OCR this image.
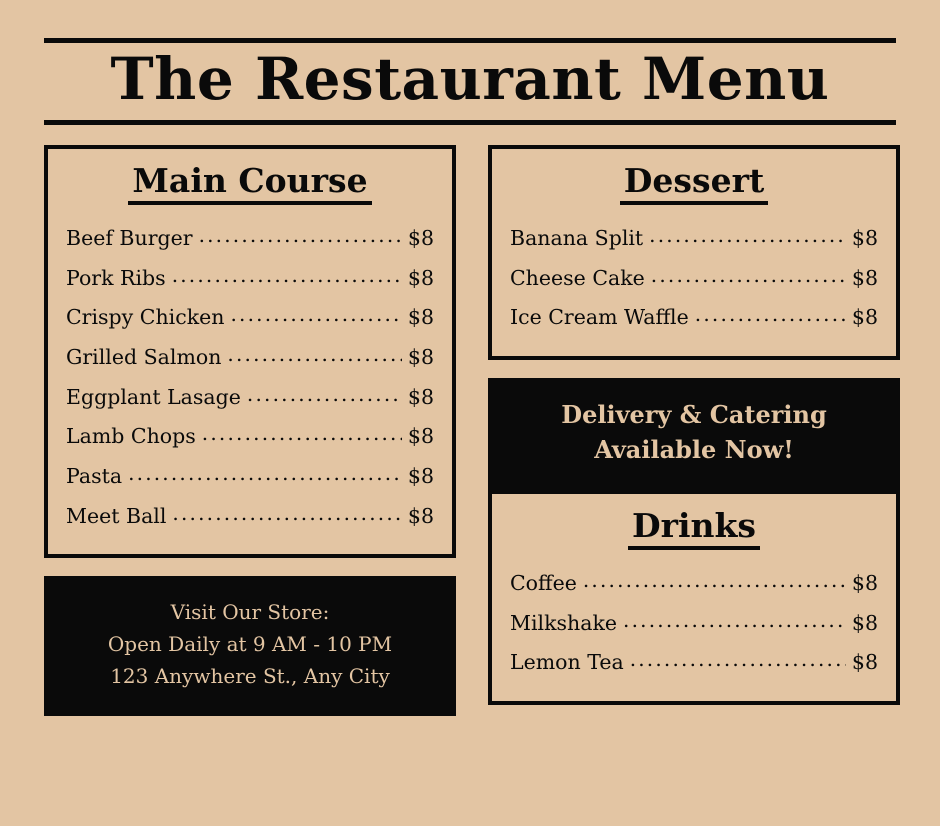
The Restaurant Menu
Main Course
Beef Burger .....	$8
Pork Ribs .....	$8
Crispy Chicken .....	$8
Grilled Salmon .....	$8
Eggplant Lasage .....	$8
Lamb Chops .....	$8
Pasta .....	$8
Meet Ball .....	$8
Visit Our Store:
Open Daily at 9 AM - 10 PM
123 Anywhere St., Any City
Dessert
Banana Split .....	$8
Cheese Cake .....	$8
Ice Cream Waffle .....	$8
Delivery & Catering
Available Now!
Drinks
Coffee .....	$8
Milkshake .....	$8
Lemon Tea .....	$8
